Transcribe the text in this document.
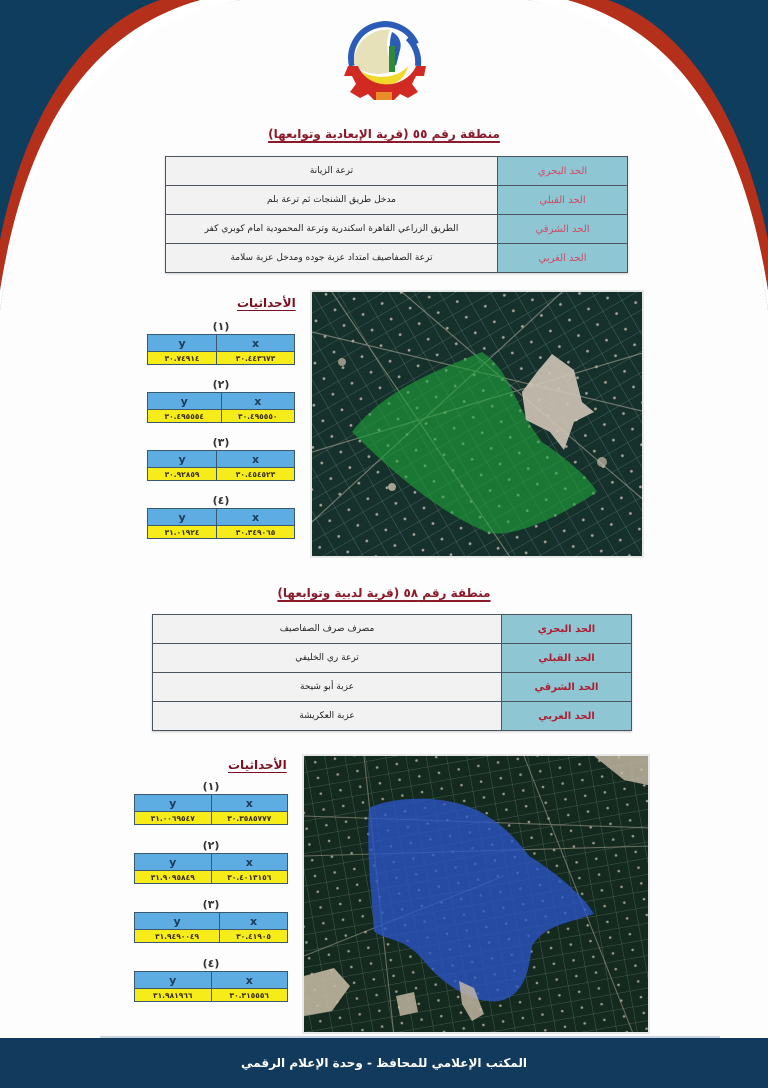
منطقة رقم ٥٥ (قرية الإبعادية وتوابعها)
الحد البحري	ترعة الزيانة
الحد القبلي	مدخل طريق الشنجات ثم ترعة بلم
الحد الشرقي	الطريق الزراعي القاهرة اسكندرية وترعة المحمودية امام كوبري كفر
الحد الغربي	ترعة الصفاصيف امتداد عزبة جوده ومدخل عزبة سلامة
الأحداثيات
(١)
y	x
٣٠.٧٤٩١٤	٣٠.٤٤٣٦٧٣
(٢)
y	x
٣٠.٤٩٥٥٥٤	٣٠.٤٩٥٥٥٠
(٣)
y	x
٣٠.٩٢٨٥٩	٣٠.٤٥٤٥٢٣
(٤)
y	x
٣١.٠١٩٢٤	٣٠.٣٤٩٠٦٥
منطقة رقم ٥٨ (قرية لدبية وتوابعها)
الحد البحري	مصرف صرف الصفاصيف
الحد القبلي	ترعة ري الخليفي
الحد الشرقي	عزبة أبو شيحة
الحد الغربي	عزبة العكريشة
الأحداثيات
(١)
y	x
٣١.٠٠٦٩٥٤٧	٣٠.٣٥٨٥٧٧٧
(٢)
y	x
٣١.٩٠٩٥٨٤٩	٣٠.٤٠١٣١٥٦
(٣)
y	x
٣١.٩٤٩٠٠٤٩	٣٠.٤١٩٠٥
(٤)
y	x
٣١.٩٨١٩٦٦	٣٠.٣١٥٥٥٦
المكتب الإعلامي للمحافظ - وحدة الإعلام الرقمي
